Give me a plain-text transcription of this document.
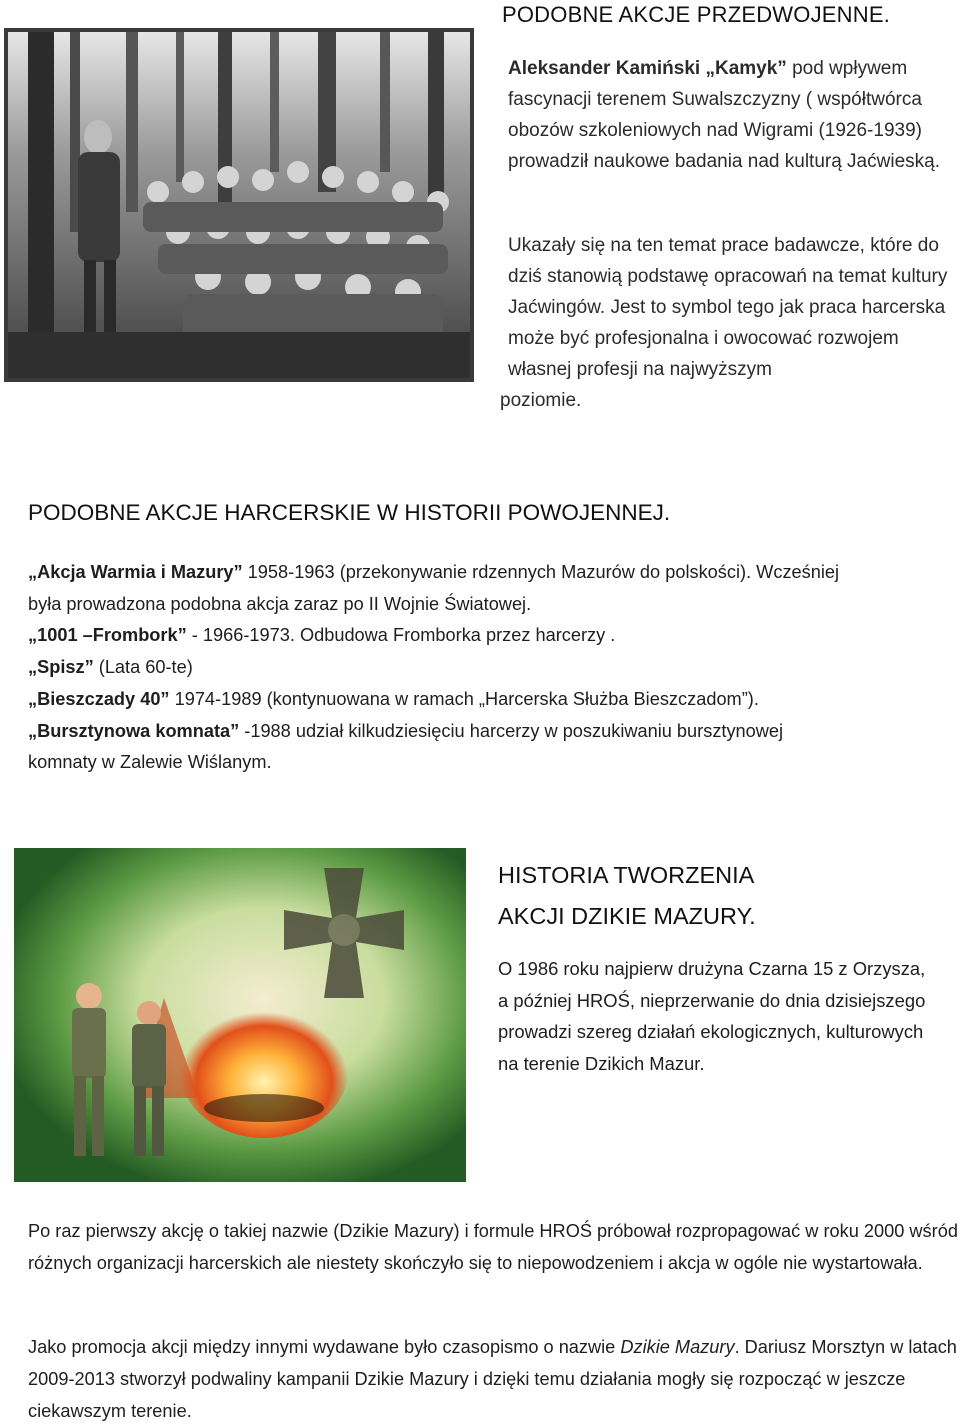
PODOBNE AKCJE PRZEDWOJENNE.
Aleksander Kamiński „Kamyk” pod wpływem fascynacji terenem Suwalszczyzny ( współtwórca obozów szkoleniowych nad Wigrami (1926-1939) prowadził naukowe badania nad kulturą Jaćwieską.
Ukazały się na ten temat prace badawcze, które do dziś stanowią podstawę opracowań na temat kultury Jaćwingów. Jest to symbol tego jak praca harcerska może być profesjonalna i owocować rozwojem własnej profesji na najwyższym
poziomie.
PODOBNE AKCJE HARCERSKIE W HISTORII POWOJENNEJ.
„Akcja Warmia i Mazury” 1958-1963 (przekonywanie rdzennych Mazurów do polskości). Wcześniej
była prowadzona podobna akcja zaraz po II Wojnie Światowej.
„1001 –Frombork” - 1966-1973. Odbudowa Fromborka przez harcerzy .
„Spisz” (Lata 60-te)
„Bieszczady 40” 1974-1989 (kontynuowana w ramach „Harcerska Służba Bieszczadom”).
„Bursztynowa komnata” -1988 udział kilkudziesięciu harcerzy w poszukiwaniu bursztynowej
komnaty w Zalewie Wiślanym.
HISTORIA TWORZENIA
AKCJI DZIKIE MAZURY.
O 1986 roku najpierw drużyna Czarna 15 z Orzysza, a później HROŚ, nieprzerwanie do dnia dzisiejszego prowadzi szereg działań ekologicznych, kulturowych na terenie Dzikich Mazur.
Po raz pierwszy akcję o takiej nazwie (Dzikie Mazury) i formule HROŚ próbował rozpropagować w roku 2000 wśród różnych organizacji harcerskich ale niestety skończyło się to niepowodzeniem i akcja w ogóle nie wystartowała.
Jako promocja akcji między innymi wydawane było czasopismo o nazwie Dzikie Mazury. Dariusz Morsztyn w latach 2009-2013 stworzył podwaliny kampanii Dzikie Mazury i dzięki temu działania mogły się rozpocząć w jeszcze ciekawszym terenie.
